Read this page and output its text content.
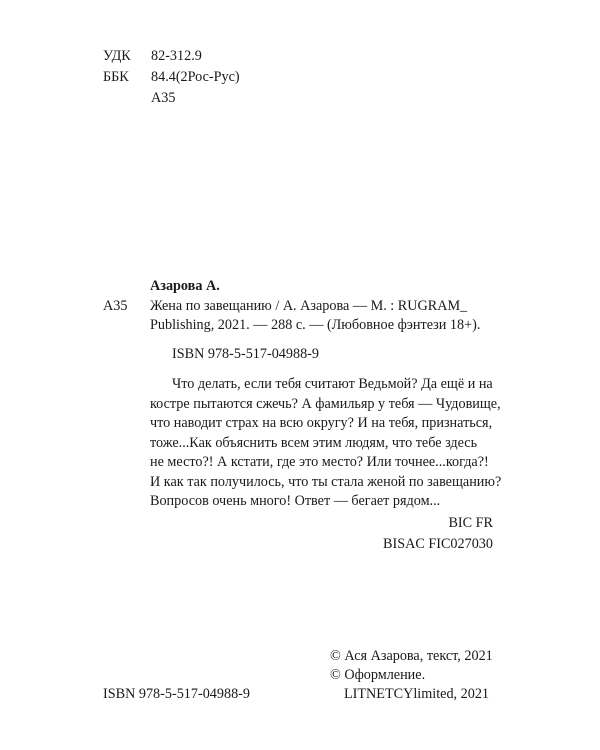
УДК 82-312.9
ББК 84.4(2Рос-Рус)
А35
Азарова А.
А35 Жена по завещанию / А. Азарова — М. : RUGRAM_
Publishing, 2021. — 288 с. — (Любовное фэнтези 18+).
ISBN 978-5-517-04988-9
Что делать, если тебя считают Ведьмой? Да ещё и на
костре пытаются сжечь? А фамильяр у тебя — Чудовище,
что наводит страх на всю округу? И на тебя, признаться,
тоже...Как объяснить всем этим людям, что тебе здесь
не место?! А кстати, где это место? Или точнее...когда?!
И как так получилось, что ты стала женой по завещанию?
Вопросов очень много! Ответ — бегает рядом...
BIC FR
BISAC FIC027030
ISBN 978-5-517-04988-9
© Ася Азарова, текст, 2021
© Оформление.
LITNETCYlimited, 2021
